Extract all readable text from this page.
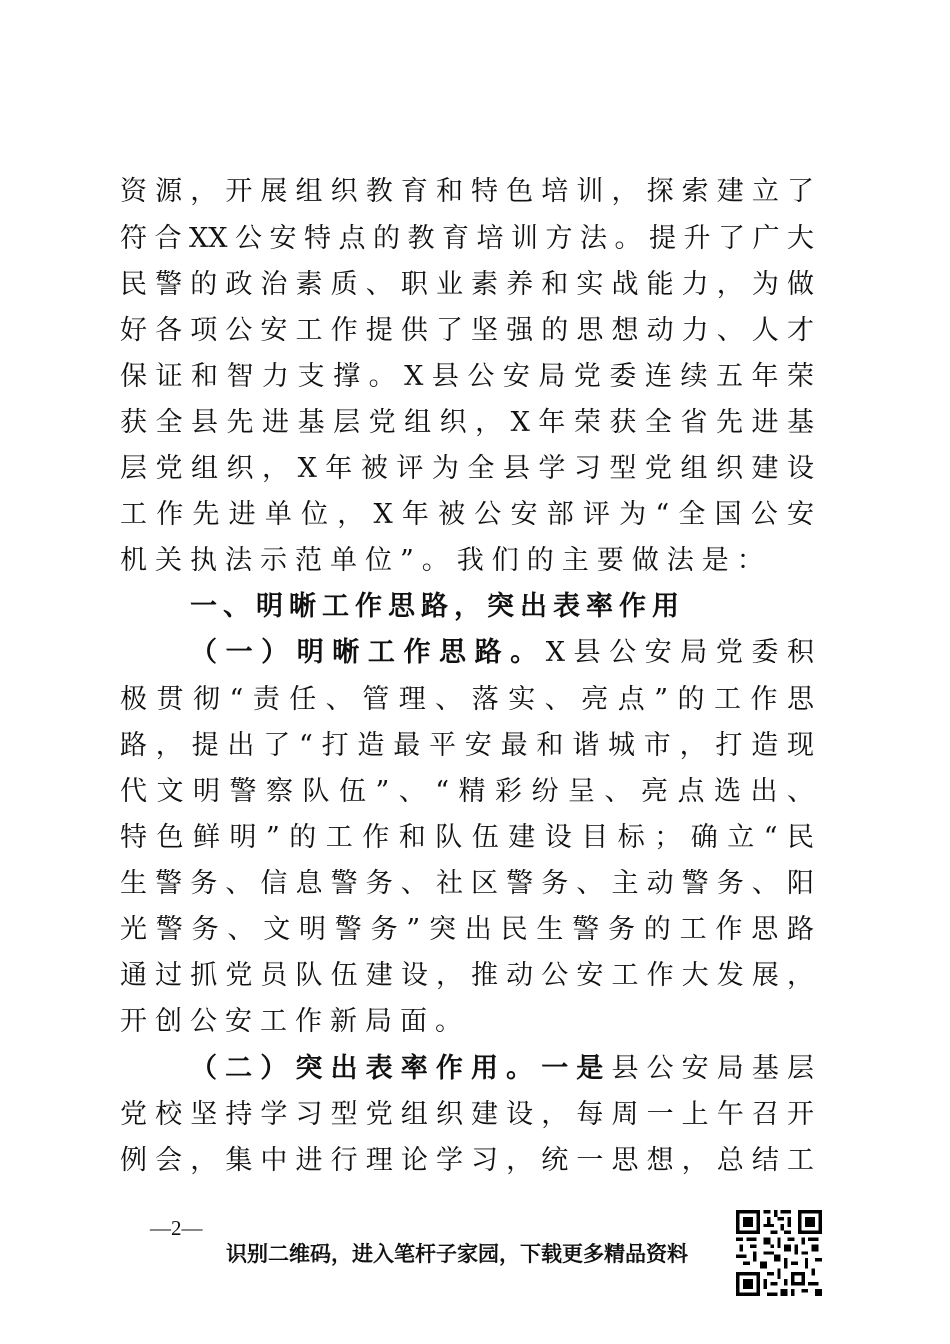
资源，开展组织教育和特色培训，探索建立了
符合XX公安特点的教育培训方法。提升了广大
民警的政治素质、职业素养和实战能力，为做
好各项公安工作提供了坚强的思想动力、人才
保证和智力支撑。X县公安局党委连续五年荣
获全县先进基层党组织，X年荣获全省先进基
层党组织，X年被评为全县学习型党组织建设
工作先进单位，X年被公安部评为“全国公安
机关执法示范单位”。我们的主要做法是：
一、明晰工作思路，突出表率作用
（一）明晰工作思路。X县公安局党委积
极贯彻“责任、管理、落实、亮点”的工作思
路，提出了“打造最平安最和谐城市，打造现
代文明警察队伍”、“精彩纷呈、亮点选出、
特色鲜明”的工作和队伍建设目标；确立“民
生警务、信息警务、社区警务、主动警务、阳
光警务、文明警务”突出民生警务的工作思路
通过抓党员队伍建设，推动公安工作大发展，
开创公安工作新局面。
（二）突出表率作用。一是县公安局基层
党校坚持学习型党组织建设，每周一上午召开
例会，集中进行理论学习，统一思想，总结工
—2—
识别二维码，进入笔杆子家园，下载更多精品资料
